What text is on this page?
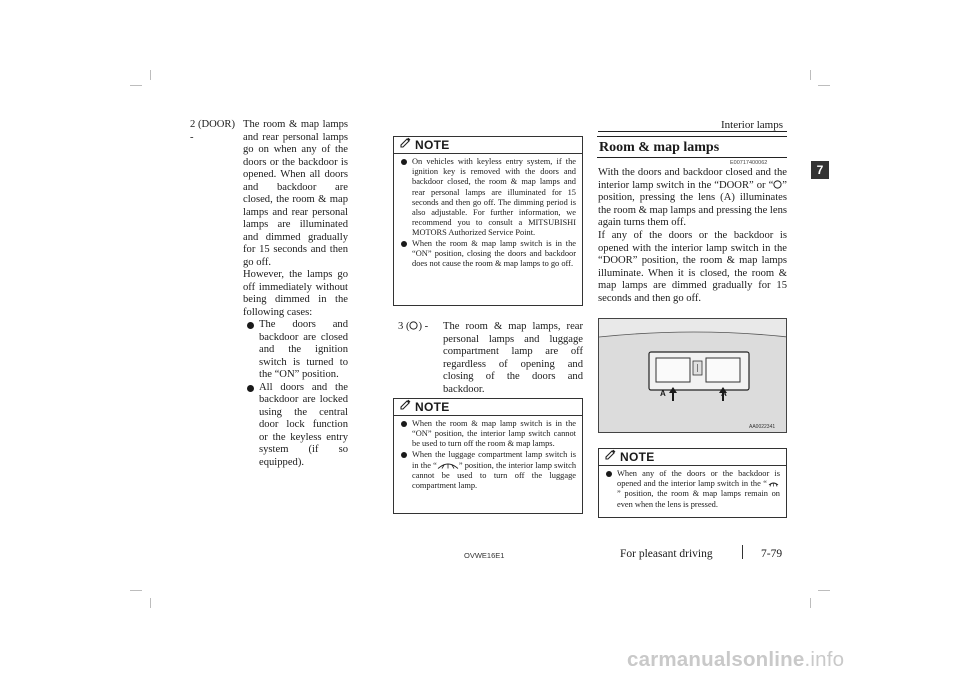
Interior lamps
7
2 (DOOR) -

The room & map lamps and rear personal lamps go on when any of the doors or the backdoor is opened. When all doors and backdoor are closed, the room & map lamps and rear personal lamps are illuminated and dimmed gradually for 15 seconds and then go off.

However, the lamps go off immediately without being dimmed in the following cases:

The doors and backdoor are closed and the ignition switch is turned to the “ON” position.
All doors and the backdoor are locked using the central door lock function or the keyless entry system (if so equipped).
NOTE
On vehicles with keyless entry system, if the ignition key is removed with the doors and backdoor closed, the room & map lamps and rear personal lamps are illuminated for 15 seconds and then go off. The dimming period is also adjustable. For further information, we recommend you to consult a MITSUBISHI MOTORS Authorized Service Point.
When the room & map lamp switch is in the “ON” position, closing the doors and backdoor does not cause the room & map lamps to go off.
3 ( ) -	The room & map lamps, rear personal lamps and luggage compartment lamp are off regardless of opening and closing of the doors and backdoor.
NOTE
When the room & map lamp switch is in the “ON” position, the interior lamp switch cannot be used to turn off the room & map lamps.
When the luggage compartment lamp switch is in the “	” position, the interior lamp switch cannot be used to turn off the luggage compartment lamp.
Room & map lamps
E00717400062

With the doors and backdoor closed and the interior lamp switch in the “DOOR” or “ ” position, pressing the lens (A) illuminates the room & map lamps and pressing the lens again turns them off.

If any of the doors or the backdoor is opened with the interior lamp switch in the “DOOR” position, the room & map lamps illuminate. When it is closed, the room & map lamps are dimmed gradually for 15 seconds and then go off.

A	A
AA0022341
NOTE
When any of the doors or the backdoor is opened and the interior lamp switch in the “” position, the room & map lamps remain on even when the lens is pressed.
OVWE16E1	For pleasant driving	7-79
carmanualsonline.info
